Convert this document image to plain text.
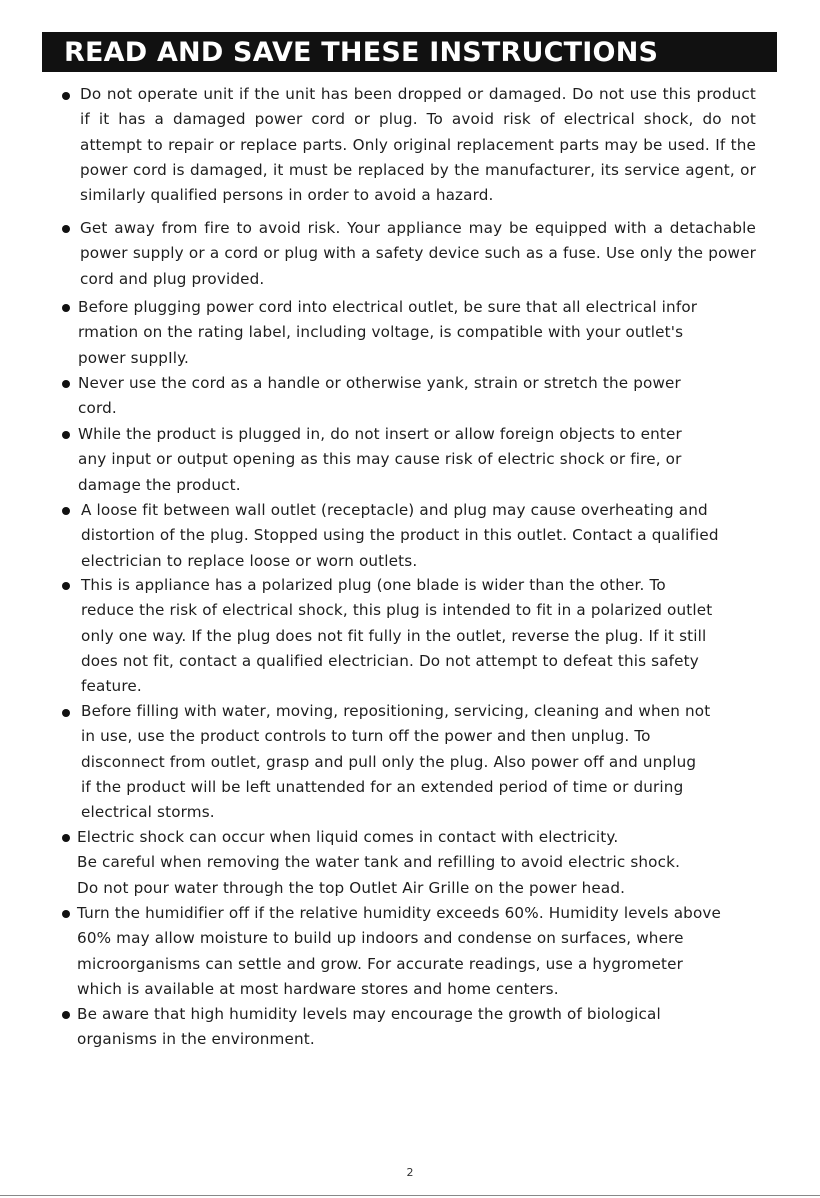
READ AND SAVE THESE INSTRUCTIONS

Do not operate unit if the unit has been dropped or damaged. Do not use this product if it has a damaged power cord or plug. To avoid risk of electrical shock, do not attempt to repair or replace parts. Only original replacement parts may be used. If the power cord is damaged, it must be replaced by the manufacturer, its service agent, or similarly qualified persons in order to avoid a hazard.

Get away from fire to avoid risk. Your appliance may be equipped with a detachable power supply or a cord or plug with a safety device such as a fuse. Use only the power cord and plug provided.

Before plugging power cord into electrical outlet, be sure that all electrical infor
rmation on the rating label, including voltage, is compatible with your outlet's
power suppIly.

Never use the cord as a handle or otherwise yank, strain or stretch the power
cord.

While the product is plugged in, do not insert or allow foreign objects to enter
any input or output opening as this may cause risk of electric shock or fire, or
damage the product.

A loose fit between wall outlet (receptacle) and plug may cause overheating and
distortion of the plug. Stopped using the product in this outlet. Contact a qualified
electrician to replace loose or worn outlets.

This is appliance has a polarized plug (one blade is wider than the other. To
reduce the risk of electrical shock, this plug is intended to fit in a polarized outlet
only one way. If the plug does not fit fully in the outlet, reverse the plug. If it still
does not fit, contact a qualified electrician. Do not attempt to defeat this safety
feature.

Before filling with water, moving, repositioning, servicing, cleaning and when not
in use, use the product controls to turn off the power and then unplug. To
disconnect from outlet, grasp and pull only the plug. Also power off and unplug
if the product will be left unattended for an extended period of time or during
electrical storms.

Electric shock can occur when liquid comes in contact with electricity.
Be careful when removing the water tank and refilling to avoid electric shock.
Do not pour water through the top Outlet Air Grille on the power head.

Turn the humidifier off if the relative humidity exceeds 60%. Humidity levels above
60% may allow moisture to build up indoors and condense on surfaces, where
microorganisms can settle and grow. For accurate readings, use a hygrometer
which is available at most hardware stores and home centers.

Be aware that high humidity levels may encourage the growth of biological
organisms in the environment.

2
